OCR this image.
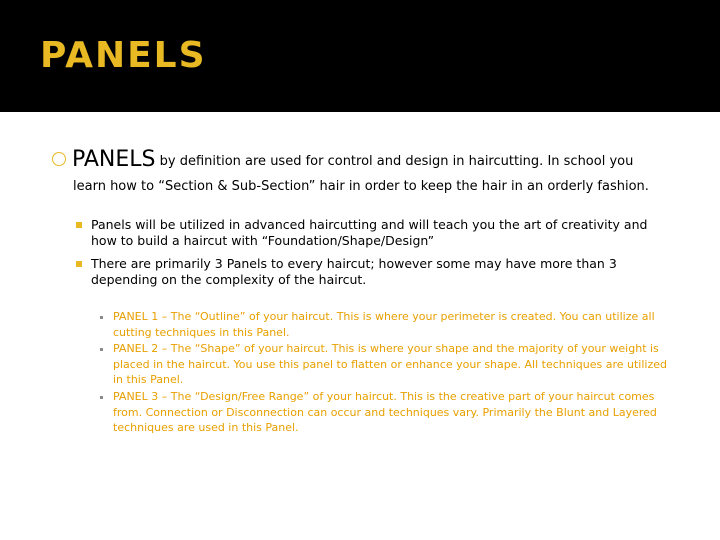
PANELS
PANELS by definition are used for control and design in haircutting. In school you
learn how to “Section & Sub-Section” hair in order to keep the hair in an orderly fashion.
Panels will be utilized in advanced haircutting and will teach you the art of creativity and how to build a haircut with “Foundation/Shape/Design”
There are primarily 3 Panels to every haircut; however some may have more than 3 depending on the complexity of the haircut.
PANEL 1 – The “Outline” of your haircut. This is where your perimeter is created. You can utilize all cutting techniques in this Panel.
PANEL 2 – The “Shape” of your haircut. This is where your shape and the majority of your weight is placed in the haircut. You use this panel to flatten or enhance your shape. All techniques are utilized in this Panel.
PANEL 3 – The “Design/Free Range” of your haircut. This is the creative part of your haircut comes from. Connection or Disconnection can occur and techniques vary. Primarily the Blunt and Layered techniques are used in this Panel.
